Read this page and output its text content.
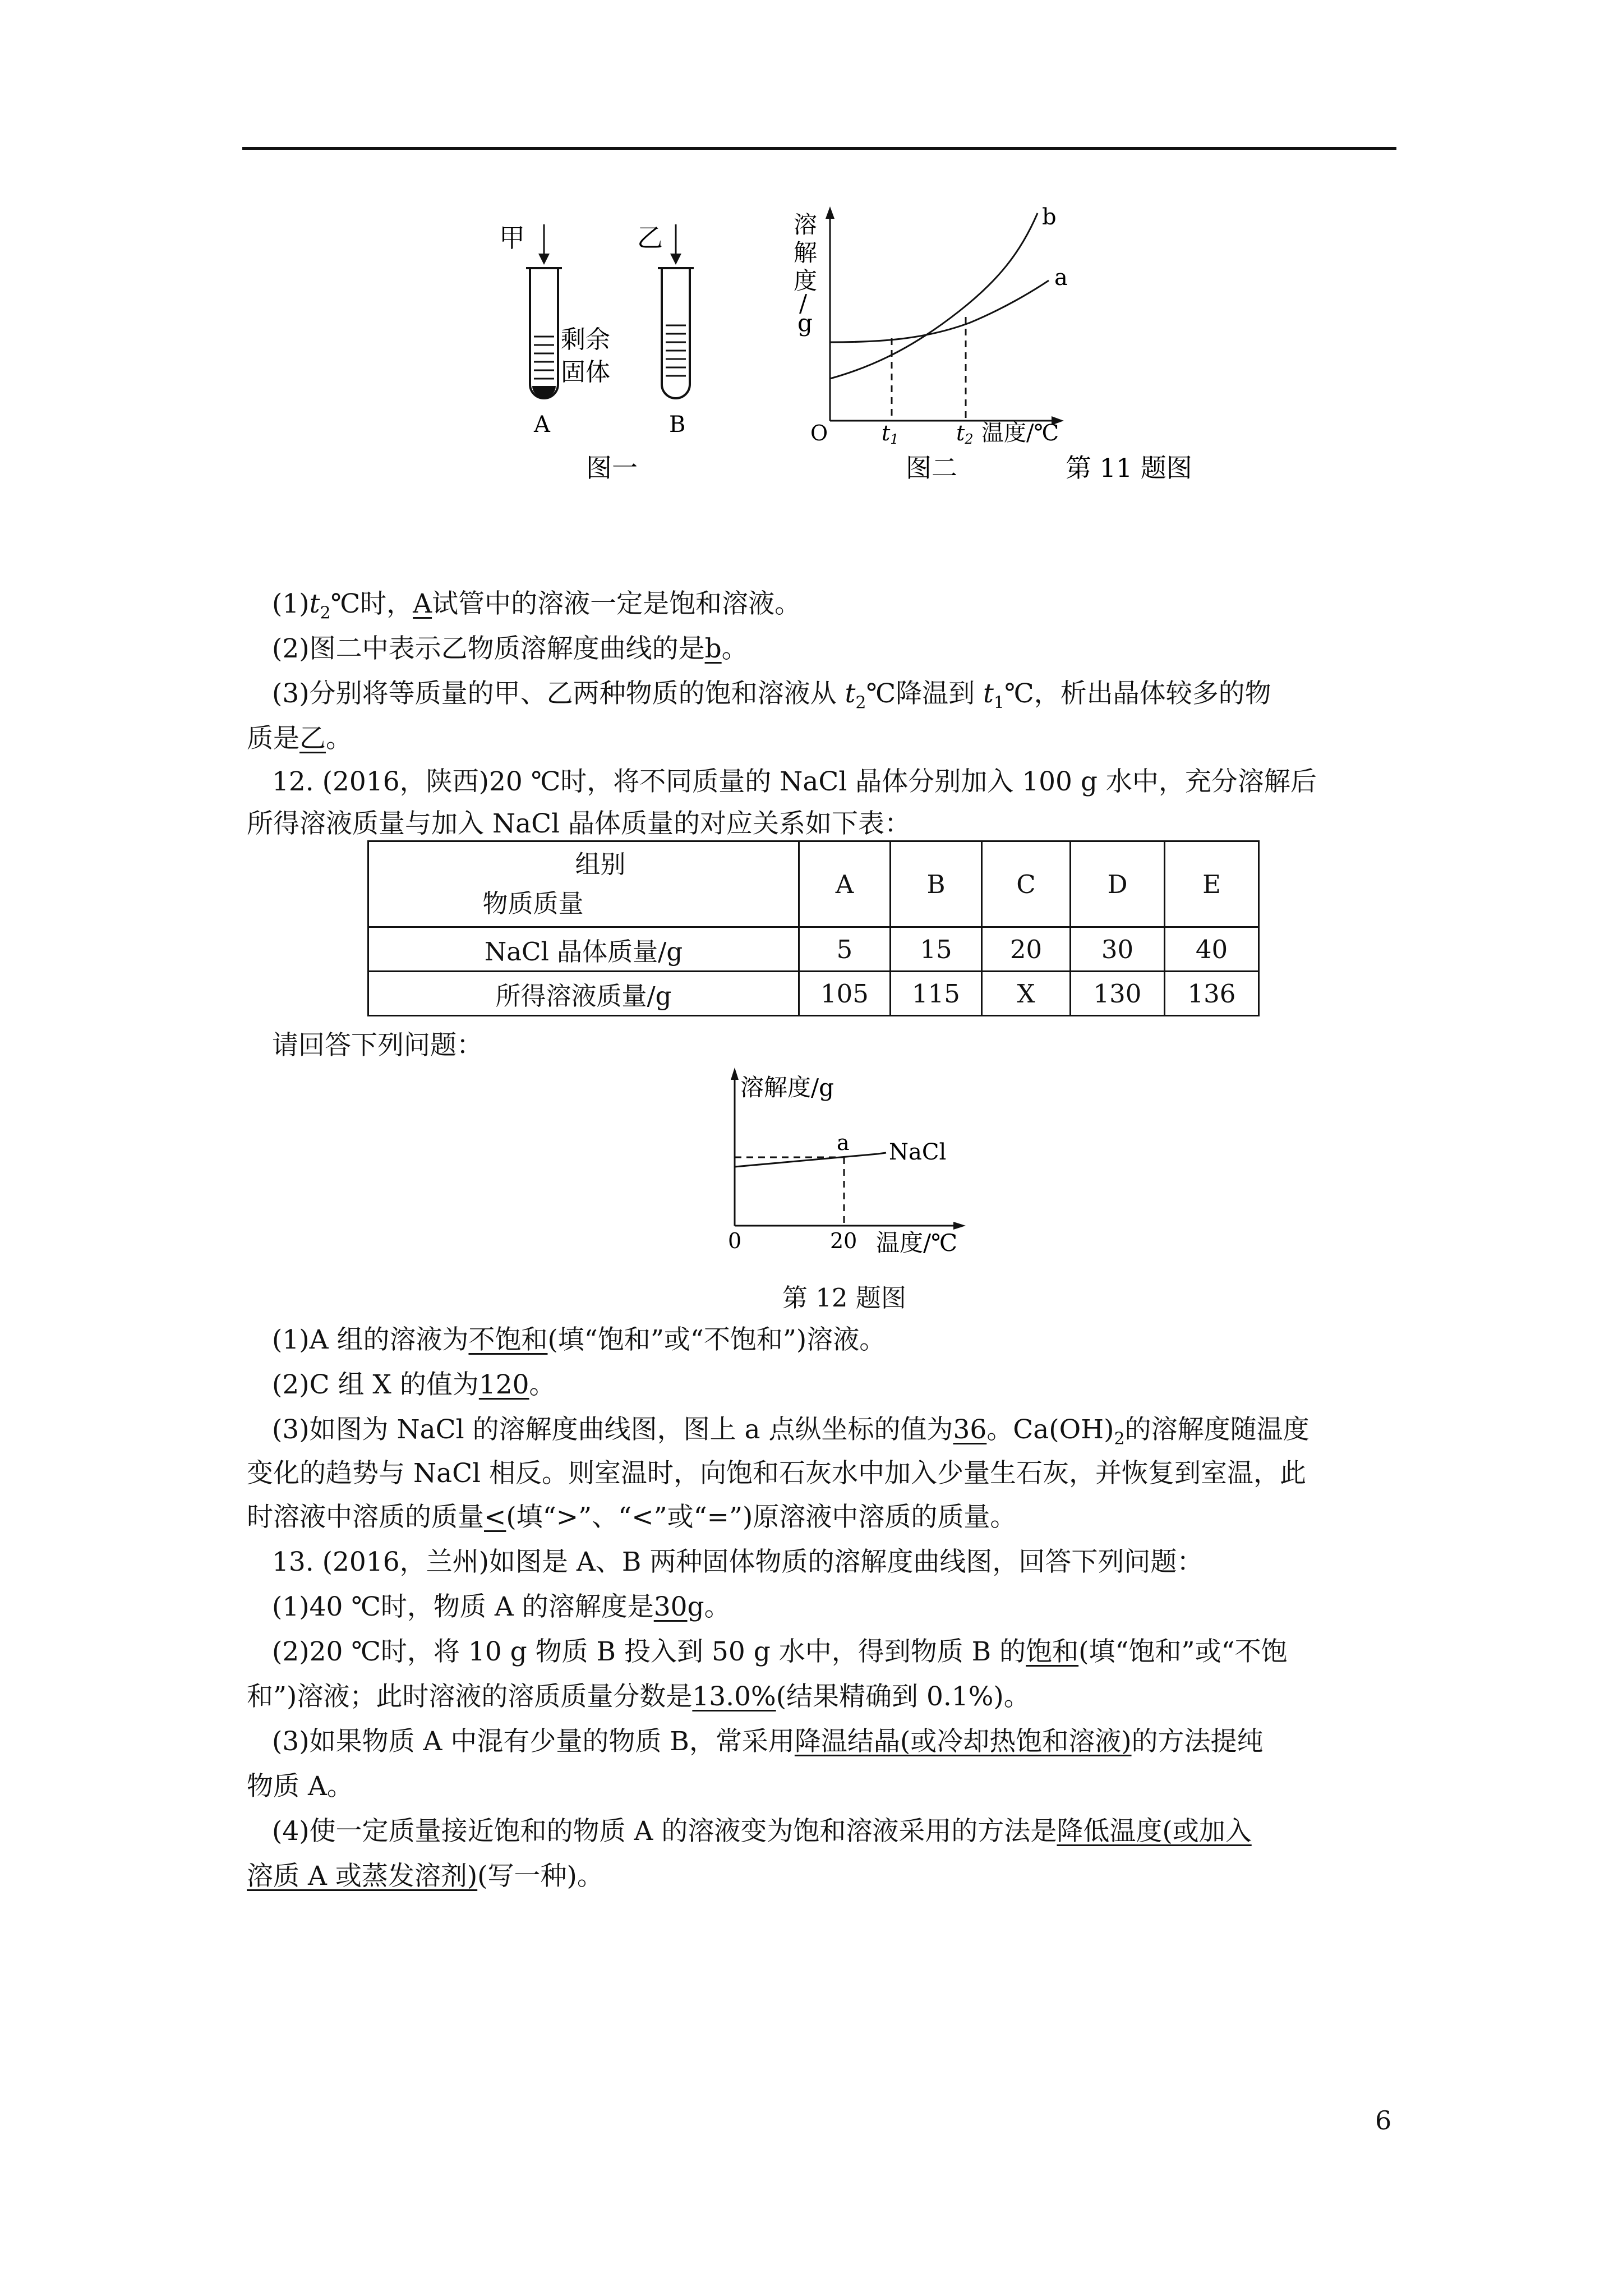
甲
剩余
固体
A
乙
B
图一
溶
解
度
/
g
b
a
O	t1	t2 温度/℃
图二	第 11 题图
$(1)t_2℃$时，A试管中的溶液一定是饱和溶液。
(2)图二中表示乙物质溶解度曲线的是b。
(3)分别将等质量的甲、乙两种物质的饱和溶液从 $t_2℃$降温到 $t_1℃$，析出晶体较多的物
质是乙。
12. (2016，陕西)20 ℃时，将不同质量的 NaCl 晶体分别加入 100 g 水中，充分溶解后
所得溶液质量与加入 NaCl 晶体质量的对应关系如下表：
组别
物质质量	A	B	C	D	E
NaCl 晶体质量/g	5	15	20	30	40
所得溶液质量/g	105	115	X	130	136
请回答下列问题：
溶解度/g
a NaCl
0	20 温度/℃
第 12 题图
(1)A 组的溶液为不饱和(填“饱和”或“不饱和”)溶液。
(2)C 组 X 的值为120。
(3)如图为 NaCl 的溶解度曲线图，图上 a 点纵坐标的值为36。$Ca(OH)_2$的溶解度随温度
变化的趋势与 NaCl 相反。则室温时，向饱和石灰水中加入少量生石灰，并恢复到室温，此
时溶液中溶质的质量<(填“>”、“<”或“=”)原溶液中溶质的质量。
13. (2016，兰州)如图是 A、B 两种固体物质的溶解度曲线图，回答下列问题：
(1)40 ℃时，物质 A 的溶解度是30g。
(2)20 ℃时，将 10 g 物质 B 投入到 50 g 水中，得到物质 B 的饱和(填“饱和”或“不饱
和”)溶液；此时溶液的溶质质量分数是13.0%(结果精确到 0.1%)。
(3)如果物质 A 中混有少量的物质 B，常采用降温结晶(或冷却热饱和溶液)的方法提纯
物质 A。
(4)使一定质量接近饱和的物质 A 的溶液变为饱和溶液采用的方法是降低温度(或加入
溶质 A 或蒸发溶剂)(写一种)。
6
